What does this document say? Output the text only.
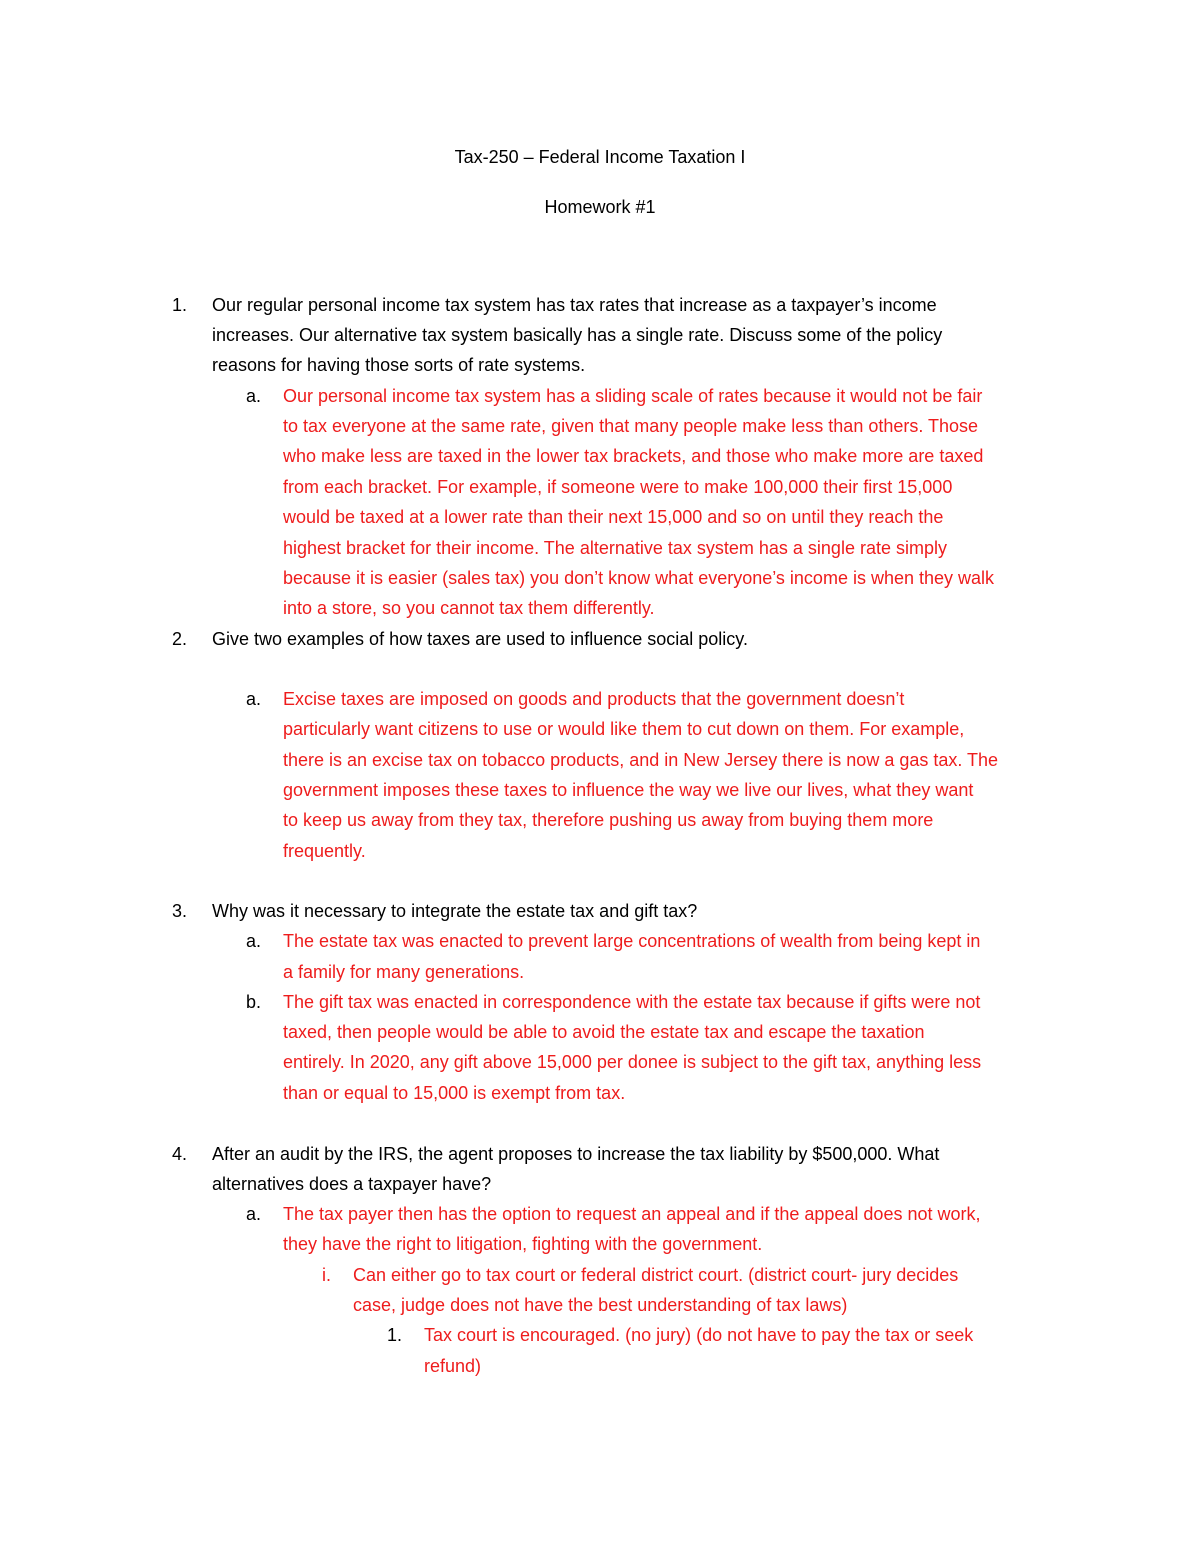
Tax-250 – Federal Income Taxation I
Homework #1
1. Our regular personal income tax system has tax rates that increase as a taxpayer’s income
increases. Our alternative tax system basically has a single rate. Discuss some of the policy
reasons for having those sorts of rate systems.
a. Our personal income tax system has a sliding scale of rates because it would not be fair
to tax everyone at the same rate, given that many people make less than others. Those
who make less are taxed in the lower tax brackets, and those who make more are taxed
from each bracket. For example, if someone were to make 100,000 their first 15,000
would be taxed at a lower rate than their next 15,000 and so on until they reach the
highest bracket for their income. The alternative tax system has a single rate simply
because it is easier (sales tax) you don’t know what everyone’s income is when they walk
into a store, so you cannot tax them differently.
2. Give two examples of how taxes are used to influence social policy.
a. Excise taxes are imposed on goods and products that the government doesn’t
particularly want citizens to use or would like them to cut down on them. For example,
there is an excise tax on tobacco products, and in New Jersey there is now a gas tax. The
government imposes these taxes to influence the way we live our lives, what they want
to keep us away from they tax, therefore pushing us away from buying them more
frequently.
3. Why was it necessary to integrate the estate tax and gift tax?
a. The estate tax was enacted to prevent large concentrations of wealth from being kept in
a family for many generations.
b. The gift tax was enacted in correspondence with the estate tax because if gifts were not
taxed, then people would be able to avoid the estate tax and escape the taxation
entirely. In 2020, any gift above 15,000 per donee is subject to the gift tax, anything less
than or equal to 15,000 is exempt from tax.
4. After an audit by the IRS, the agent proposes to increase the tax liability by $500,000. What
alternatives does a taxpayer have?
a. The tax payer then has the option to request an appeal and if the appeal does not work,
they have the right to litigation, fighting with the government.
i. Can either go to tax court or federal district court. (district court- jury decides
case, judge does not have the best understanding of tax laws)
1. Tax court is encouraged. (no jury) (do not have to pay the tax or seek
refund)
